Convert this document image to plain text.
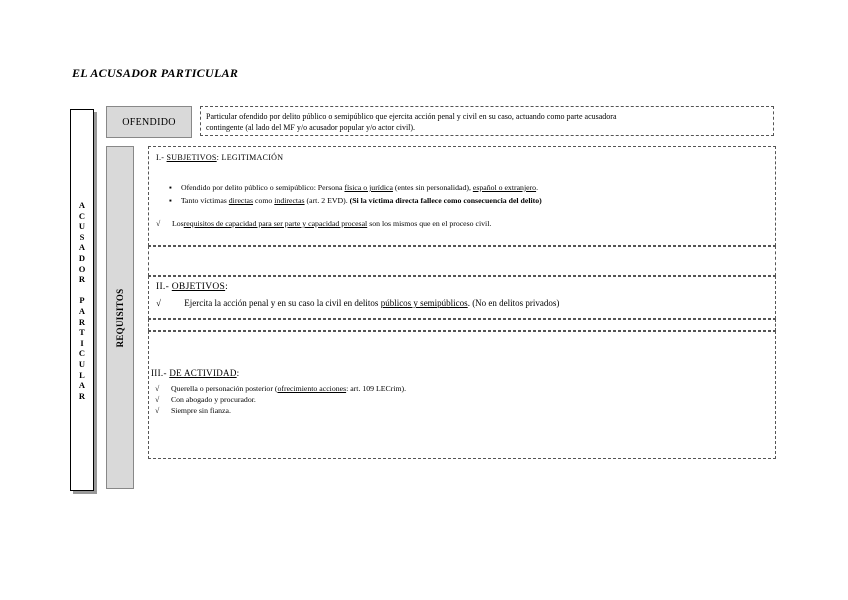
EL ACUSADOR PARTICULAR
A
C
U
S
A
D
O
R

P
A
R
T
I
C
U
L
A
R
REQUISITOS
OFENDIDO	Particular ofendido por delito público o semipúblico que ejercita acción penal y civil en su caso, actuando como parte acusadora
contingente (al lado del MF y/o acusador popular y/o actor civil).
I.- SUBJETIVOS: LEGITIMACIÓN
▪ Ofendido por delito público o semipúblico: Persona física o jurídica (entes sin personalidad), español o extranjero.
▪ Tanto víctimas directas como indirectas (art. 2 EVD). (Si la víctima directa fallece como consecuencia del delito)
√ Losrequisitos de capacidad para ser parte y capacidad procesal son los mismos que en el proceso civil.
II.- OBJETIVOS:
√	Ejercita la acción penal y en su caso la civil en delitos públicos y semipúblicos. (No en delitos privados)
III.- DE ACTIVIDAD:
√ Querella o personación posterior (ofrecimiento acciones: art. 109 LECrim).
√ Con abogado y procurador.
√ Siempre sin fianza.
